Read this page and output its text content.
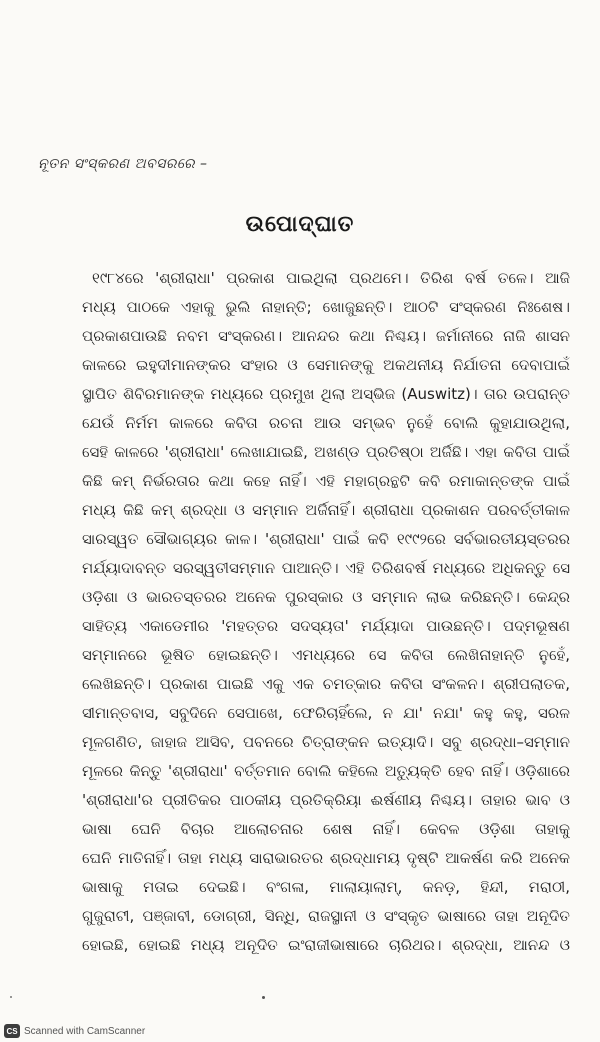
ନୂତନ ସଂସ୍କରଣ ଅବସରରେ –
ଉପୋଦ୍‌ଘାତ
୧୯୮୪ରେ 'ଶ୍ରୀରାଧା' ପ୍ରକାଶ ପାଇଥିଲା ପ୍ରଥମେ। ତିରିଶ ବର୍ଷ ତଳେ। ଆଜି
ମଧ୍ୟ ପାଠକେ ଏହାକୁ ଭୁଲି ନାହାନ୍ତି; ଖୋଜୁଛନ୍ତି। ଆଠଟି ସଂସ୍କରଣ ନିଃଶେଷ।
ପ୍ରକାଶପାଉଛି ନବମ ସଂସ୍କରଣ। ଆନନ୍ଦର କଥା ନିଶ୍ଚୟ। ଜର୍ମାନୀରେ ନାଜି ଶାସନ
କାଳରେ ଇହୁଦୀମାନଙ୍କର ସଂହାର ଓ ସେମାନଙ୍କୁ ଅକଥନୀୟ ନିର୍ଯାତନା ଦେବାପାଇଁ
ସ୍ଥାପିତ ଶିବିରମାନଙ୍କ ମଧ୍ୟରେ ପ୍ରମୁଖ ଥିଲା ଅସ୍‌ଭିଜ (Auswitz)। ତାର ଉପରାନ୍ତ
ଯେଉଁ ନିର୍ମମ କାଳରେ କବିତା ରଚନା ଆଉ ସମ୍ଭବ ନୁହେଁ ବୋଲି କୁହାଯାଉଥିଲା,
ସେହି କାଳରେ 'ଶ୍ରୀରାଧା' ଲେଖାଯାଇଛି, ଅଖଣ୍ଡ ପ୍ରତିଷ୍ଠା ଅର୍ଜିଛି। ଏହା କବିତା ପାଇଁ
କିଛି କମ୍ ନିର୍ଭରତାର କଥା କହେ ନାହିଁ। ଏହି ମହାଗ୍ରନ୍ଥଟି କବି ରମାକାନ୍ତଙ୍କ ପାଇଁ
ମଧ୍ୟ କିଛି କମ୍ ଶ୍ରଦ୍ଧା ଓ ସମ୍ମାନ ଅର୍ଜିନାହିଁ। ଶ୍ରୀରାଧା ପ୍ରକାଶନ ପରବର୍ତ୍ତୀକାଳ
ସାରସ୍ୱତ ସୌଭାଗ୍ୟର କାଳ। 'ଶ୍ରୀରାଧା' ପାଇଁ କବି ୧୯୯୨ରେ ସର୍ବଭାରତୀୟସ୍ତରର
ମର୍ଯ୍ୟାଦାବନ୍ତ ସରସ୍ୱତୀସମ୍ମାନ ପାଆନ୍ତି। ଏହି ତିରିଶବର୍ଷ ମଧ୍ୟରେ ଅଧିକନ୍ତୁ ସେ
ଓଡ଼ିଶା ଓ ଭାରତସ୍ତରର ଅନେକ ପୁରସ୍କାର ଓ ସମ୍ମାନ ଲାଭ କରିଛନ୍ତି। କେନ୍ଦ୍ର
ସାହିତ୍ୟ ଏକାଡେମୀର 'ମହତ୍ତର ସଦସ୍ୟତା' ମର୍ଯ୍ୟାଦା ପାଉଛନ୍ତି। ପଦ୍ମଭୂଷଣ
ସମ୍ମାନରେ ଭୂଷିତ ହୋଇଛନ୍ତି। ଏମଧ୍ୟରେ ସେ କବିତା ଲେଖିନାହାନ୍ତି ନୁହେଁ,
ଲେଖିଛନ୍ତି। ପ୍ରକାଶ ପାଇଛି ଏକୁ ଏକ ଚମତ୍କାର କବିତା ସଂକଳନ। ଶ୍ରୀପଲାତକ,
ସୀମାନ୍ତବାସ, ସବୁଦିନେ ସେପାଖେ, ଫେରିଚାହିଁଲେ, ନ ଯା' ନଯା' କହୁ କହୁ, ସରଳ
ମୂଳଗଣିତ, ଜାହାଜ ଆସିବ, ପବନରେ ଚିତ୍ରାଙ୍କନ ଇତ୍ୟାଦି। ସବୁ ଶ୍ରଦ୍ଧା–ସମ୍ମାନ
ମୂଳରେ କିନ୍ତୁ 'ଶ୍ରୀରାଧା' ବର୍ତ୍ତମାନ ବୋଲି କହିଲେ ଅତ୍ୟୁକ୍ତି ହେବ ନାହିଁ। ଓଡ଼ିଶାରେ
'ଶ୍ରୀରାଧା'ର ପ୍ରୀତିକର ପାଠକୀୟ ପ୍ରତିକ୍ରିୟା ଈର୍ଷଣୀୟ ନିଶ୍ଚୟ। ତାହାର ଭାବ ଓ
ଭାଷା ଘେନି ବିଚାର ଆଲୋଚନାର ଶେଷ ନାହିଁ। କେବଳ ଓଡ଼ିଶା ତାହାକୁ
ଘେନି ମାତିନାହିଁ। ତାହା ମଧ୍ୟ ସାରାଭାରତର ଶ୍ରଦ୍ଧାମୟ ଦୃଷ୍ଟି ଆକର୍ଷଣ କରି ଅନେକ
ଭାଷାକୁ ମତାଇ ଦେଇଛି। ବଂଗଳା, ମାଲାୟାଲାମ୍, କନଡ଼, ହିନ୍ଦୀ, ମରାଠୀ,
ଗୁଜୁରାଟୀ, ପଞ୍ଜାବୀ, ଡୋଗ୍ରୀ, ସିନ୍ଧି, ରାଜସ୍ଥାନୀ ଓ ସଂସ୍କୃତ ଭାଷାରେ ତାହା ଅନୂଦିତ
ହୋଇଛି, ହୋଇଛି ମଧ୍ୟ ଅନୂଦିତ ଇଂରାଜୀଭାଷାରେ ଚାରିଥର। ଶ୍ରଦ୍ଧା, ଆନନ୍ଦ ଓ
CS Scanned with CamScanner
